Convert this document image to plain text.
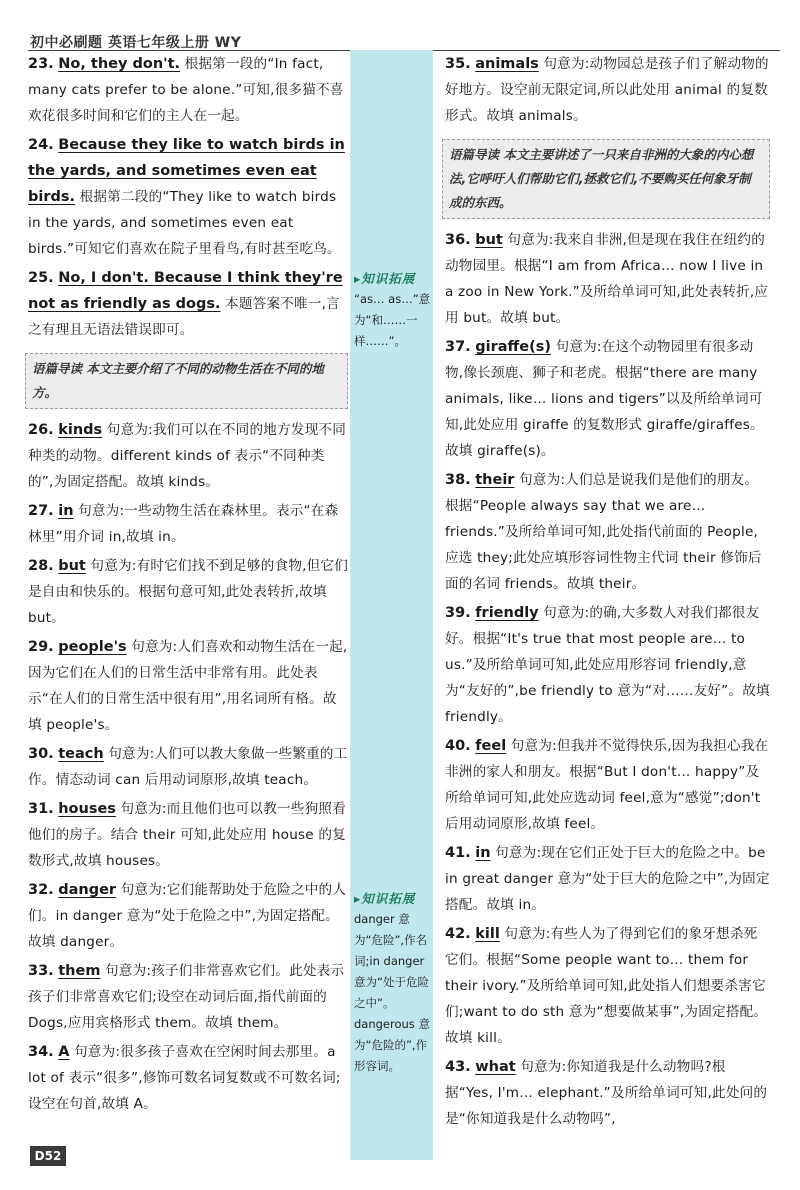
初中必刷题 英语七年级上册 WY
▸知识拓展
“as… as…”意为“和……一样……”。
▸知识拓展
danger 意为“危险”,作名词;in danger 意为“处于危险之中”。dangerous 意为“危险的”,作形容词。
23. No, they don't. 根据第一段的“In fact, many cats prefer to be alone.”可知,很多猫不喜欢花很多时间和它们的主人在一起。
24. Because they like to watch birds in the yards, and sometimes even eat birds. 根据第二段的“They like to watch birds in the yards, and sometimes even eat birds.”可知它们喜欢在院子里看鸟,有时甚至吃鸟。
25. No, I don't. Because I think they're not as friendly as dogs. 本题答案不唯一,言之有理且无语法错误即可。
语篇导读 本文主要介绍了不同的动物生活在不同的地方。
26. kinds 句意为:我们可以在不同的地方发现不同种类的动物。different kinds of 表示“不同种类的”,为固定搭配。故填 kinds。
27. in 句意为:一些动物生活在森林里。表示“在森林里”用介词 in,故填 in。
28. but 句意为:有时它们找不到足够的食物,但它们是自由和快乐的。根据句意可知,此处表转折,故填 but。
29. people's 句意为:人们喜欢和动物生活在一起,因为它们在人们的日常生活中非常有用。此处表示“在人们的日常生活中很有用”,用名词所有格。故填 people's。
30. teach 句意为:人们可以教大象做一些繁重的工作。情态动词 can 后用动词原形,故填 teach。
31. houses 句意为:而且他们也可以教一些狗照看他们的房子。结合 their 可知,此处应用 house 的复数形式,故填 houses。
32. danger 句意为:它们能帮助处于危险之中的人们。in danger 意为“处于危险之中”,为固定搭配。故填 danger。
33. them 句意为:孩子们非常喜欢它们。此处表示孩子们非常喜欢它们;设空在动词后面,指代前面的 Dogs,应用宾格形式 them。故填 them。
34. A 句意为:很多孩子喜欢在空闲时间去那里。a lot of 表示“很多”,修饰可数名词复数或不可数名词;设空在句首,故填 A。
35. animals 句意为:动物园总是孩子们了解动物的好地方。设空前无限定词,所以此处用 animal 的复数形式。故填 animals。
语篇导读 本文主要讲述了一只来自非洲的大象的内心想法,它呼吁人们帮助它们,拯救它们,不要购买任何象牙制成的东西。
36. but 句意为:我来自非洲,但是现在我住在纽约的动物园里。根据“I am from Africa… now I live in a zoo in New York.”及所给单词可知,此处表转折,应用 but。故填 but。
37. giraffe(s) 句意为:在这个动物园里有很多动物,像长颈鹿、狮子和老虎。根据“there are many animals, like… lions and tigers”以及所给单词可知,此处应用 giraffe 的复数形式 giraffe/giraffes。故填 giraffe(s)。
38. their 句意为:人们总是说我们是他们的朋友。根据“People always say that we are… friends.”及所给单词可知,此处指代前面的 People,应选 they;此处应填形容词性物主代词 their 修饰后面的名词 friends。故填 their。
39. friendly 句意为:的确,大多数人对我们都很友好。根据“It's true that most people are… to us.”及所给单词可知,此处应用形容词 friendly,意为“友好的”,be friendly to 意为“对……友好”。故填 friendly。
40. feel 句意为:但我并不觉得快乐,因为我担心我在非洲的家人和朋友。根据“But I don't… happy”及所给单词可知,此处应选动词 feel,意为“感觉”;don't 后用动词原形,故填 feel。
41. in 句意为:现在它们正处于巨大的危险之中。be in great danger 意为“处于巨大的危险之中”,为固定搭配。故填 in。
42. kill 句意为:有些人为了得到它们的象牙想杀死它们。根据“Some people want to… them for their ivory.”及所给单词可知,此处指人们想要杀害它们;want to do sth 意为“想要做某事”,为固定搭配。故填 kill。
43. what 句意为:你知道我是什么动物吗?根据“Yes, I'm… elephant.”及所给单词可知,此处问的是“你知道我是什么动物吗”,
D52
